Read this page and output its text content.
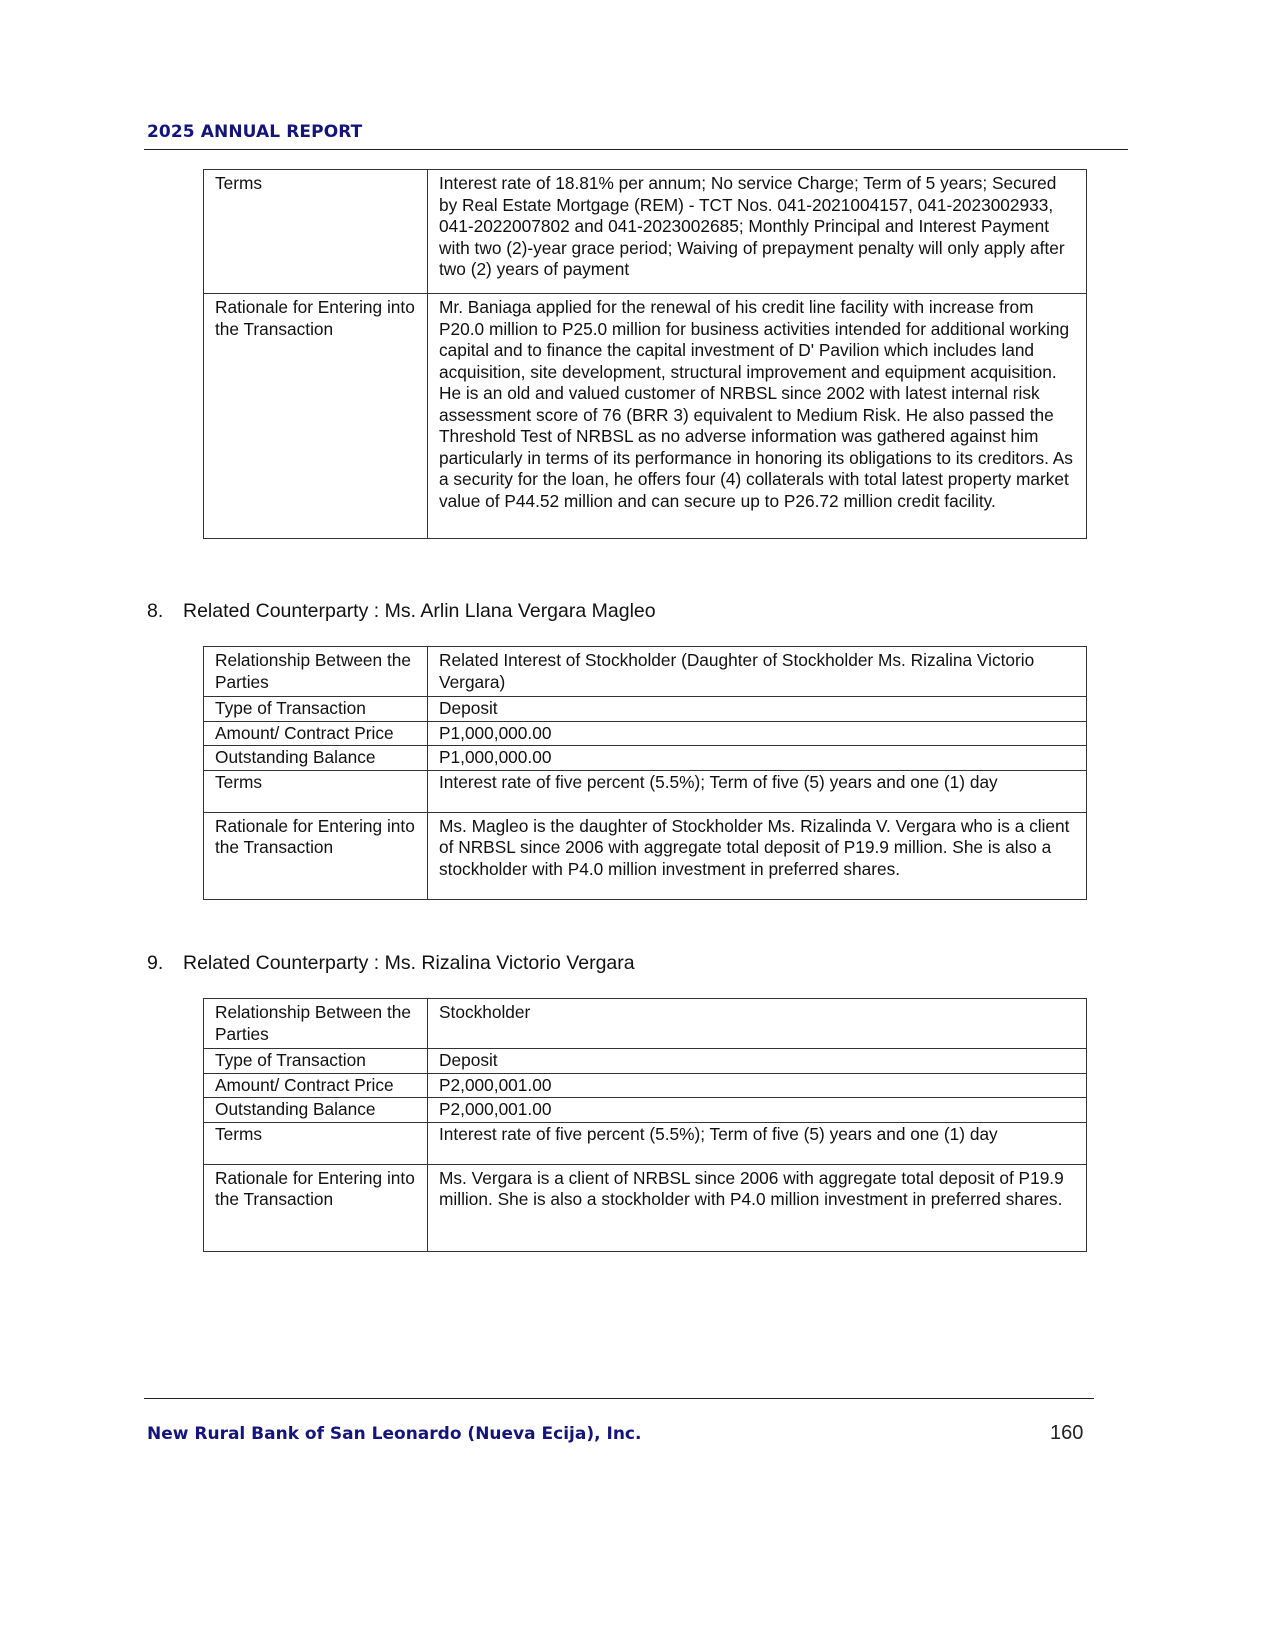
2025 ANNUAL REPORT
Terms	Interest rate of 18.81% per annum; No service Charge; Term of 5 years; Secured by Real Estate Mortgage (REM) - TCT Nos. 041-2021004157, 041-2023002933, 041-2022007802 and 041-2023002685; Monthly Principal and Interest Payment with two (2)-year grace period; Waiving of prepayment penalty will only apply after two (2) years of payment
Rationale for Entering into the Transaction	Mr. Baniaga applied for the renewal of his credit line facility with increase from P20.0 million to P25.0 million for business activities intended for additional working capital and to finance the capital investment of D' Pavilion which includes land acquisition, site development, structural improvement and equipment acquisition. He is an old and valued customer of NRBSL since 2002 with latest internal risk assessment score of 76 (BRR 3) equivalent to Medium Risk. He also passed the Threshold Test of NRBSL as no adverse information was gathered against him particularly in terms of its performance in honoring its obligations to its creditors. As a security for the loan, he offers four (4) collaterals with total latest property market value of P44.52 million and can secure up to P26.72 million credit facility.
8. Related Counterparty : Ms. Arlin Llana Vergara Magleo
Relationship Between the Parties	Related Interest of Stockholder (Daughter of Stockholder Ms. Rizalina Victorio Vergara)
Type of Transaction	Deposit
Amount/ Contract Price	P1,000,000.00
Outstanding Balance	P1,000,000.00
Terms	Interest rate of five percent (5.5%); Term of five (5) years and one (1) day
Rationale for Entering into the Transaction	Ms. Magleo is the daughter of Stockholder Ms. Rizalinda V. Vergara who is a client of NRBSL since 2006 with aggregate total deposit of P19.9 million. She is also a stockholder with P4.0 million investment in preferred shares.
9. Related Counterparty : Ms. Rizalina Victorio Vergara
Relationship Between the Parties	Stockholder
Type of Transaction	Deposit
Amount/ Contract Price	P2,000,001.00
Outstanding Balance	P2,000,001.00
Terms	Interest rate of five percent (5.5%); Term of five (5) years and one (1) day
Rationale for Entering into the Transaction	Ms. Vergara is a client of NRBSL since 2006 with aggregate total deposit of P19.9 million. She is also a stockholder with P4.0 million investment in preferred shares.
New Rural Bank of San Leonardo (Nueva Ecija), Inc.	160
